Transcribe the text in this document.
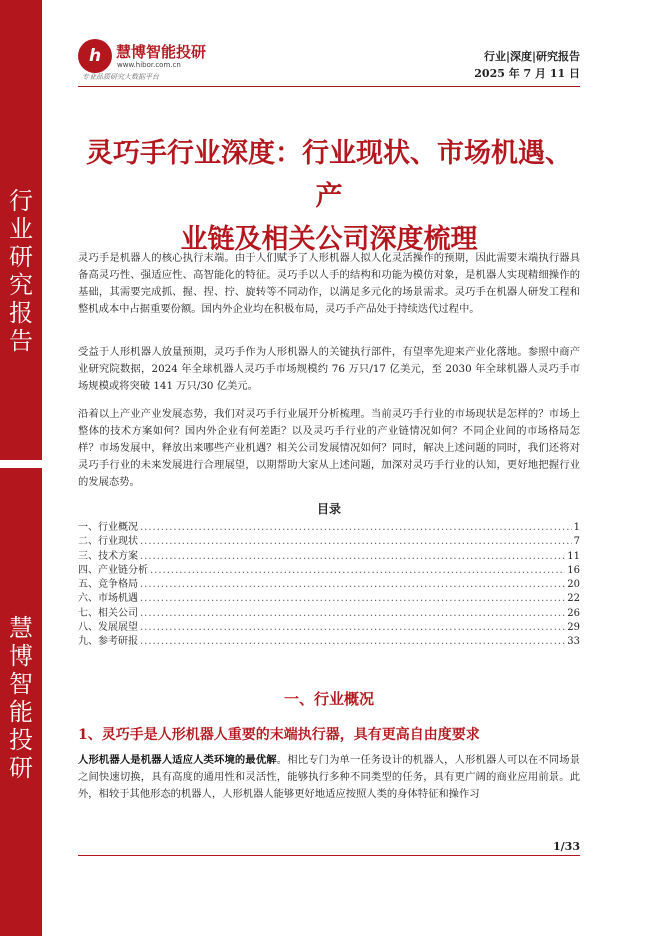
行业研究报告
慧博智能投研
h 慧博智能投研
www.hibor.com.cn
专业品质研究大数据平台
行业|深度|研究报告
2025 年 7 月 11 日
灵巧手行业深度：行业现状、市场机遇、产
业链及相关公司深度梳理
灵巧手是机器人的核心执行末端。由于人们赋予了人形机器人拟人化灵活操作的预期，因此需要末端执行器具备高灵巧性、强适应性、高智能化的特征。灵巧手以人手的结构和功能为模仿对象，是机器人实现精细操作的基础，其需要完成抓、握、捏、拧、旋转等不同动作，以满足多元化的场景需求。灵巧手在机器人研发工程和整机成本中占据重要份额。国内外企业均在积极布局，灵巧手产品处于持续迭代过程中。
受益于人形机器人放量预期，灵巧手作为人形机器人的关键执行部件，有望率先迎来产业化落地。参照中商产业研究院数据，2024 年全球机器人灵巧手市场规模约 76 万只/17 亿美元，至 2030 年全球机器人灵巧手市场规模或将突破 141 万只/30 亿美元。
沿着以上产业产业发展态势，我们对灵巧手行业展开分析梳理。当前灵巧手行业的市场现状是怎样的？市场上整体的技术方案如何？国内外企业有何差距？以及灵巧手行业的产业链情况如何？不同企业间的市场格局怎样？市场发展中，释放出来哪些产业机遇？相关公司发展情况如何？同时，解决上述问题的同时，我们还将对灵巧手行业的未来发展进行合理展望，以期帮助大家从上述问题，加深对灵巧手行业的认知，更好地把握行业的发展态势。
目录
一、行业概况 .....	1
二、行业现状 .....	7
三、技术方案 .....	11
四、产业链分析 .....	16
五、竞争格局 .....	20
六、市场机遇 .....	22
七、相关公司 .....	26
八、发展展望 .....	29
九、参考研报 .....	33
一、行业概况
1、灵巧手是人形机器人重要的末端执行器，具有更高自由度要求
人形机器人是机器人适应人类环境的最优解。相比专门为单一任务设计的机器人，人形机器人可以在不同场景之间快速切换，具有高度的通用性和灵活性，能够执行多种不同类型的任务，具有更广阔的商业应用前景。此外，相较于其他形态的机器人，人形机器人能够更好地适应按照人类的身体特征和操作习
1/33
